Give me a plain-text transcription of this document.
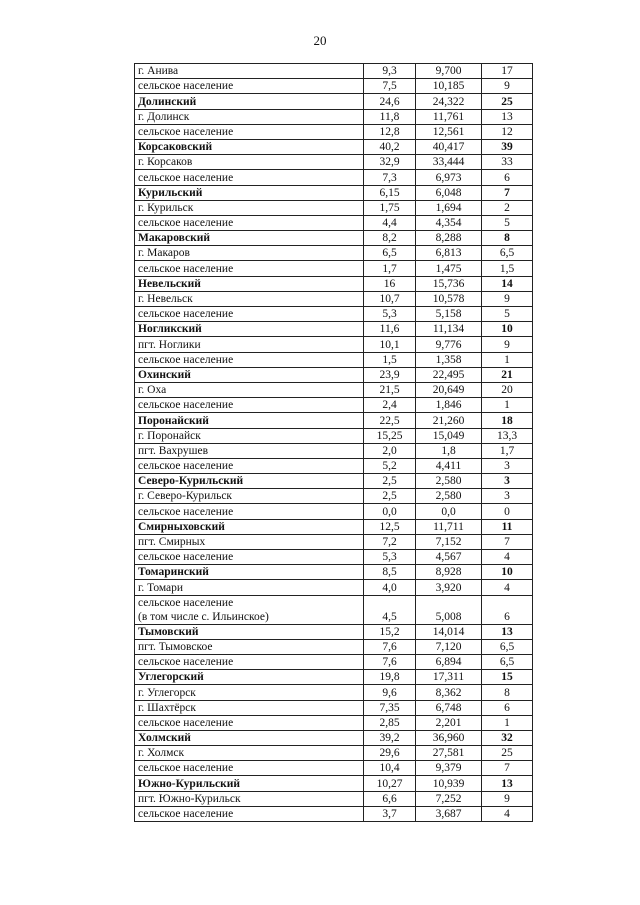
20
г. Анива	9,3	9,700	17
сельское население	7,5	10,185	9
Долинский	24,6	24,322	25
г. Долинск	11,8	11,761	13
сельское население	12,8	12,561	12
Корсаковский	40,2	40,417	39
г. Корсаков	32,9	33,444	33
сельское население	7,3	6,973	6
Курильский	6,15	6,048	7
г. Курильск	1,75	1,694	2
сельское население	4,4	4,354	5
Макаровский	8,2	8,288	8
г. Макаров	6,5	6,813	6,5
сельское население	1,7	1,475	1,5
Невельский	16	15,736	14
г. Невельск	10,7	10,578	9
сельское население	5,3	5,158	5
Ногликский	11,6	11,134	10
пгт. Ноглики	10,1	9,776	9
сельское население	1,5	1,358	1
Охинский	23,9	22,495	21
г. Оха	21,5	20,649	20
сельское население	2,4	1,846	1
Поронайский	22,5	21,260	18
г. Поронайск	15,25	15,049	13,3
пгт. Вахрушев	2,0	1,8	1,7
сельское население	5,2	4,411	3
Северо-Курильский	2,5	2,580	3
г. Северо-Курильск	2,5	2,580	3
сельское население	0,0	0,0	0
Смирныховский	12,5	11,711	11
пгт. Смирных	7,2	7,152	7
сельское население	5,3	4,567	4
Томаринский	8,5	8,928	10
г. Томари	4,0	3,920	4
сельское население
(в том числе с. Ильинское)	4,5	5,008	6
Тымовский	15,2	14,014	13
пгт. Тымовское	7,6	7,120	6,5
сельское население	7,6	6,894	6,5
Углегорский	19,8	17,311	15
г. Углегорск	9,6	8,362	8
г. Шахтёрск	7,35	6,748	6
сельское население	2,85	2,201	1
Холмский	39,2	36,960	32
г. Холмск	29,6	27,581	25
сельское население	10,4	9,379	7
Южно-Курильский	10,27	10,939	13
пгт. Южно-Курильск	6,6	7,252	9
сельское население	3,7	3,687	4
